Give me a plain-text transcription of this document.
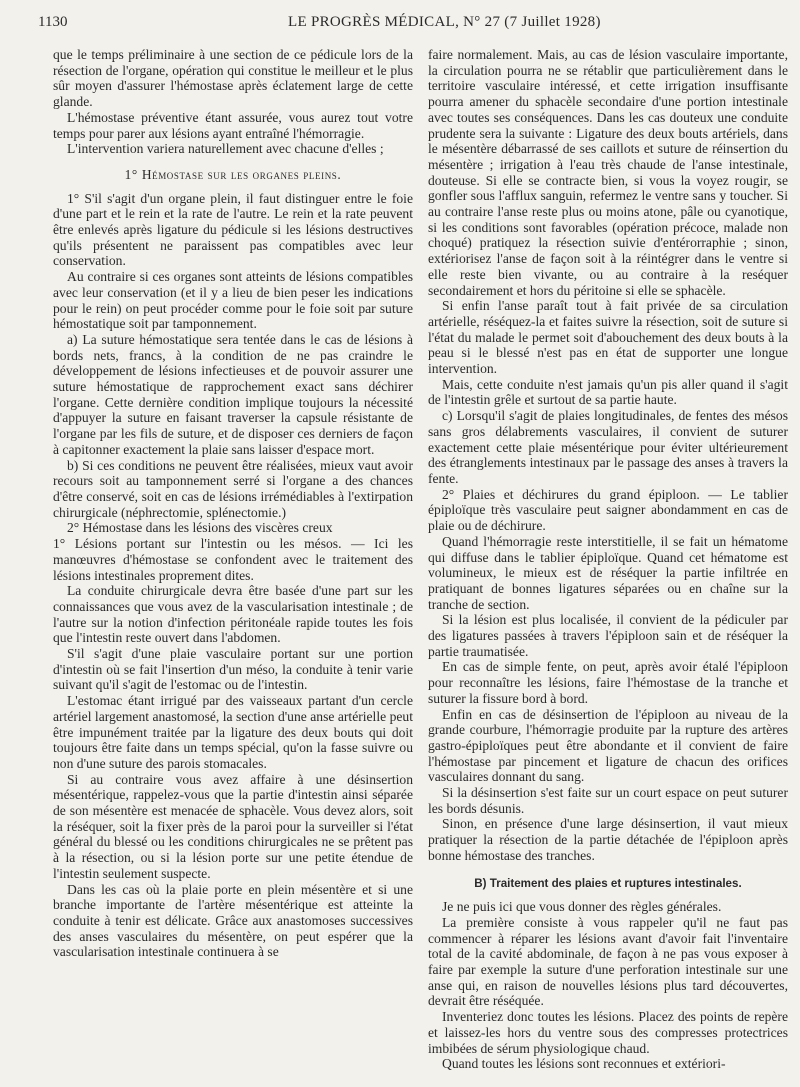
1130	LE PROGRÈS MÉDICAL, N° 27 (7 Juillet 1928)

que le temps préliminaire à une section de ce pédicule lors de la résection de l'organe, opération qui constitue le meilleur et le plus sûr moyen d'assurer l'hémostase après éclatement large de cette glande.

L'hémostase préventive étant assurée, vous aurez tout votre temps pour parer aux lésions ayant entraîné l'hémorragie.

L'intervention variera naturellement avec chacune d'elles ;

1° Hémostase sur les organes pleins.

1° S'il s'agit d'un organe plein, il faut distinguer entre le foie d'une part et le rein et la rate de l'autre. Le rein et la rate peuvent être enlevés après ligature du pédicule si les lésions destructives qu'ils présentent ne paraissent pas compatibles avec leur conservation.

Au contraire si ces organes sont atteints de lésions compatibles avec leur conservation (et il y a lieu de bien peser les indications pour le rein) on peut procéder comme pour le foie soit par suture hémostatique soit par tamponnement.

a) La suture hémostatique sera tentée dans le cas de lésions à bords nets, francs, à la condition de ne pas craindre le développement de lésions infectieuses et de pouvoir assurer une suture hémostatique de rapprochement exact sans déchirer l'organe. Cette dernière condition implique toujours la nécessité d'appuyer la suture en faisant traverser la capsule résistante de l'organe par les fils de suture, et de disposer ces derniers de façon à capitonner exactement la plaie sans laisser d'espace mort.

b) Si ces conditions ne peuvent être réalisées, mieux vaut avoir recours soit au tamponnement serré si l'organe a des chances d'être conservé, soit en cas de lésions irrémédiables à l'extirpation chirurgicale (néphrectomie, splénectomie.)

2° Hémostase dans les lésions des viscères creux

1° Lésions portant sur l'intestin ou les mésos. — Ici les manœuvres d'hémostase se confondent avec le traitement des lésions intestinales proprement dites.

La conduite chirurgicale devra être basée d'une part sur les connaissances que vous avez de la vascularisation intestinale ; de l'autre sur la notion d'infection péritonéale rapide toutes les fois que l'intestin reste ouvert dans l'abdomen.

S'il s'agit d'une plaie vasculaire portant sur une portion d'intestin où se fait l'insertion d'un méso, la conduite à tenir varie suivant qu'il s'agit de l'estomac ou de l'intestin.

L'estomac étant irrigué par des vaisseaux partant d'un cercle artériel largement anastomosé, la section d'une anse artérielle peut être impunément traitée par la ligature des deux bouts qui doit toujours être faite dans un temps spécial, qu'on la fasse suivre ou non d'une suture des parois stomacales.

Si au contraire vous avez affaire à une désinsertion mésentérique, rappelez-vous que la partie d'intestin ainsi séparée de son mésentère est menacée de sphacèle. Vous devez alors, soit la réséquer, soit la fixer près de la paroi pour la surveiller si l'état général du blessé ou les conditions chirurgicales ne se prêtent pas à la résection, ou si la lésion porte sur une petite étendue de l'intestin seulement suspecte.

Dans les cas où la plaie porte en plein mésentère et si une branche importante de l'artère mésentérique est atteinte la conduite à tenir est délicate. Grâce aux anastomoses successives des anses vasculaires du mésentère, on peut espérer que la vascularisation intestinale continuera à se

faire normalement. Mais, au cas de lésion vasculaire importante, la circulation pourra ne se rétablir que particulièrement dans le territoire vasculaire intéressé, et cette irrigation insuffisante pourra amener du sphacèle secondaire d'une portion intestinale avec toutes ses conséquences. Dans les cas douteux une conduite prudente sera la suivante : Ligature des deux bouts artériels, dans le mésentère débarrassé de ses caillots et suture de réinsertion du mésentère ; irrigation à l'eau très chaude de l'anse intestinale, douteuse. Si elle se contracte bien, si vous la voyez rougir, se gonfler sous l'afflux sanguin, refermez le ventre sans y toucher. Si au contraire l'anse reste plus ou moins atone, pâle ou cyanotique, si les conditions sont favorables (opération précoce, malade non choqué) pratiquez la résection suivie d'entérorraphie ; sinon, extériorisez l'anse de façon soit à la réintégrer dans le ventre si elle reste bien vivante, ou au contraire à la reséquer secondairement et hors du péritoine si elle se sphacèle.

Si enfin l'anse paraît tout à fait privée de sa circulation artérielle, réséquez-la et faites suivre la résection, soit de suture si l'état du malade le permet soit d'abouchement des deux bouts à la peau si le blessé n'est pas en état de supporter une longue intervention.

Mais, cette conduite n'est jamais qu'un pis aller quand il s'agit de l'intestin grêle et surtout de sa partie haute.

c) Lorsqu'il s'agit de plaies longitudinales, de fentes des mésos sans gros délabrements vasculaires, il convient de suturer exactement cette plaie mésentérique pour éviter ultérieurement des étranglements intestinaux par le passage des anses à travers la fente.

2° Plaies et déchirures du grand épiploon. — Le tablier épiploïque très vasculaire peut saigner abondamment en cas de plaie ou de déchirure.

Quand l'hémorragie reste interstitielle, il se fait un hématome qui diffuse dans le tablier épiploïque. Quand cet hématome est volumineux, le mieux est de réséquer la partie infiltrée en pratiquant de bonnes ligatures séparées ou en chaîne sur la tranche de section.

Si la lésion est plus localisée, il convient de la pédiculer par des ligatures passées à travers l'épiploon sain et de réséquer la partie traumatisée.

En cas de simple fente, on peut, après avoir étalé l'épiploon pour reconnaître les lésions, faire l'hémostase de la tranche et suturer la fissure bord à bord.

Enfin en cas de désinsertion de l'épiploon au niveau de la grande courbure, l'hémorragie produite par la rupture des artères gastro-épiploïques peut être abondante et il convient de faire l'hémostase par pincement et ligature de chacun des orifices vasculaires donnant du sang.

Si la désinsertion s'est faite sur un court espace on peut suturer les bords désunis.

Sinon, en présence d'une large désinsertion, il vaut mieux pratiquer la résection de la partie détachée de l'épiploon après bonne hémostase des tranches.

B) Traitement des plaies et ruptures intestinales.

Je ne puis ici que vous donner des règles générales.

La première consiste à vous rappeler qu'il ne faut pas commencer à réparer les lésions avant d'avoir fait l'inventaire total de la cavité abdominale, de façon à ne pas vous exposer à faire par exemple la suture d'une perforation intestinale sur une anse qui, en raison de nouvelles lésions plus tard découvertes, devrait être réséquée.

Inventeriez donc toutes les lésions. Placez des points de repère et laissez-les hors du ventre sous des compresses protectrices imbibées de sérum physiologique chaud.

Quand toutes les lésions sont reconnues et extériori-
